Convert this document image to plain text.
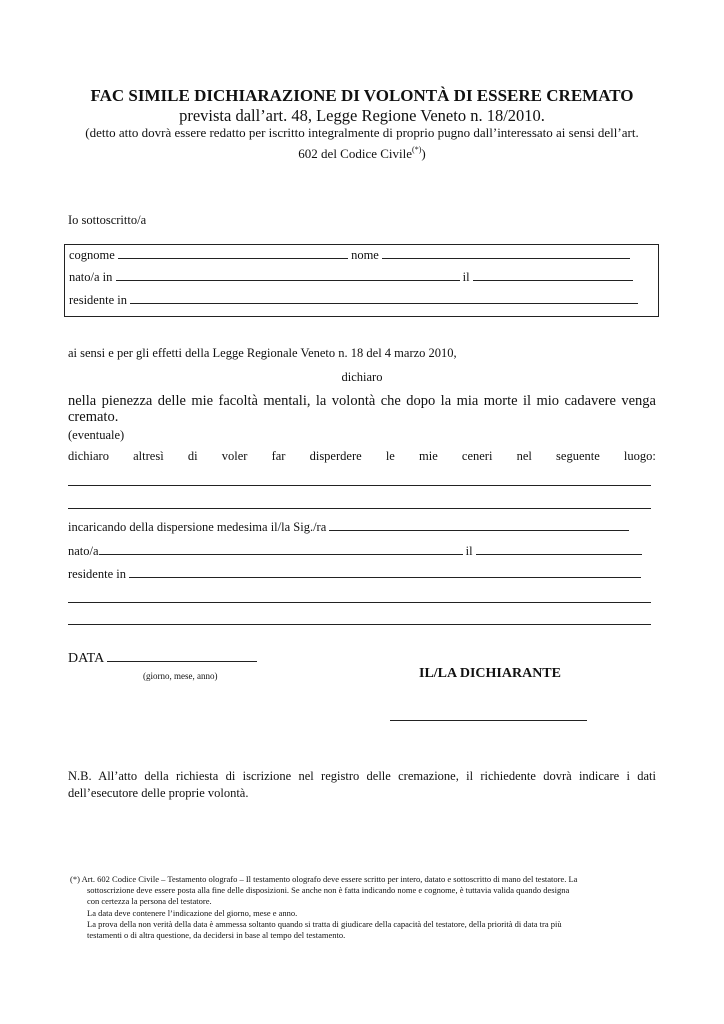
FAC SIMILE DICHIARAZIONE DI VOLONTÀ DI ESSERE CREMATO
prevista dall’art. 48, Legge Regione Veneto n. 18/2010.
(detto atto dovrà essere redatto per iscritto integralmente di proprio pugno dall’interessato ai sensi dell’art.
602 del Codice Civile(*))
Io sottoscritto/a
cognome	nome
nato/a in	il
residente in
ai sensi e per gli effetti della Legge Regionale Veneto n. 18 del 4 marzo 2010,
dichiaro
nella pienezza delle mie facoltà mentali, la volontà che dopo la mia morte il mio cadavere venga cremato.
(eventuale)
dichiaro altresì di voler far disperdere le mie ceneri nel seguente luogo:
incaricando della dispersione medesima il/la Sig./ra
nato/a	il
residente in
DATA
(giorno, mese, anno)	IL/LA DICHIARANTE
N.B. All’atto della richiesta di iscrizione nel registro delle cremazione, il richiedente dovrà indicare i dati dell’esecutore delle proprie volontà.
(*) Art. 602 Codice Civile – Testamento olografo – Il testamento olografo deve essere scritto per intero, datato e sottoscritto di mano del testatore. La
sottoscrizione deve essere posta alla fine delle disposizioni. Se anche non è fatta indicando nome e cognome, è tuttavia valida quando designa
con certezza la persona del testatore.
La data deve contenere l’indicazione del giorno, mese e anno.
La prova della non verità della data è ammessa soltanto quando si tratta di giudicare della capacità del testatore, della priorità di data tra più
testamenti o di altra questione, da decidersi in base al tempo del testamento.
